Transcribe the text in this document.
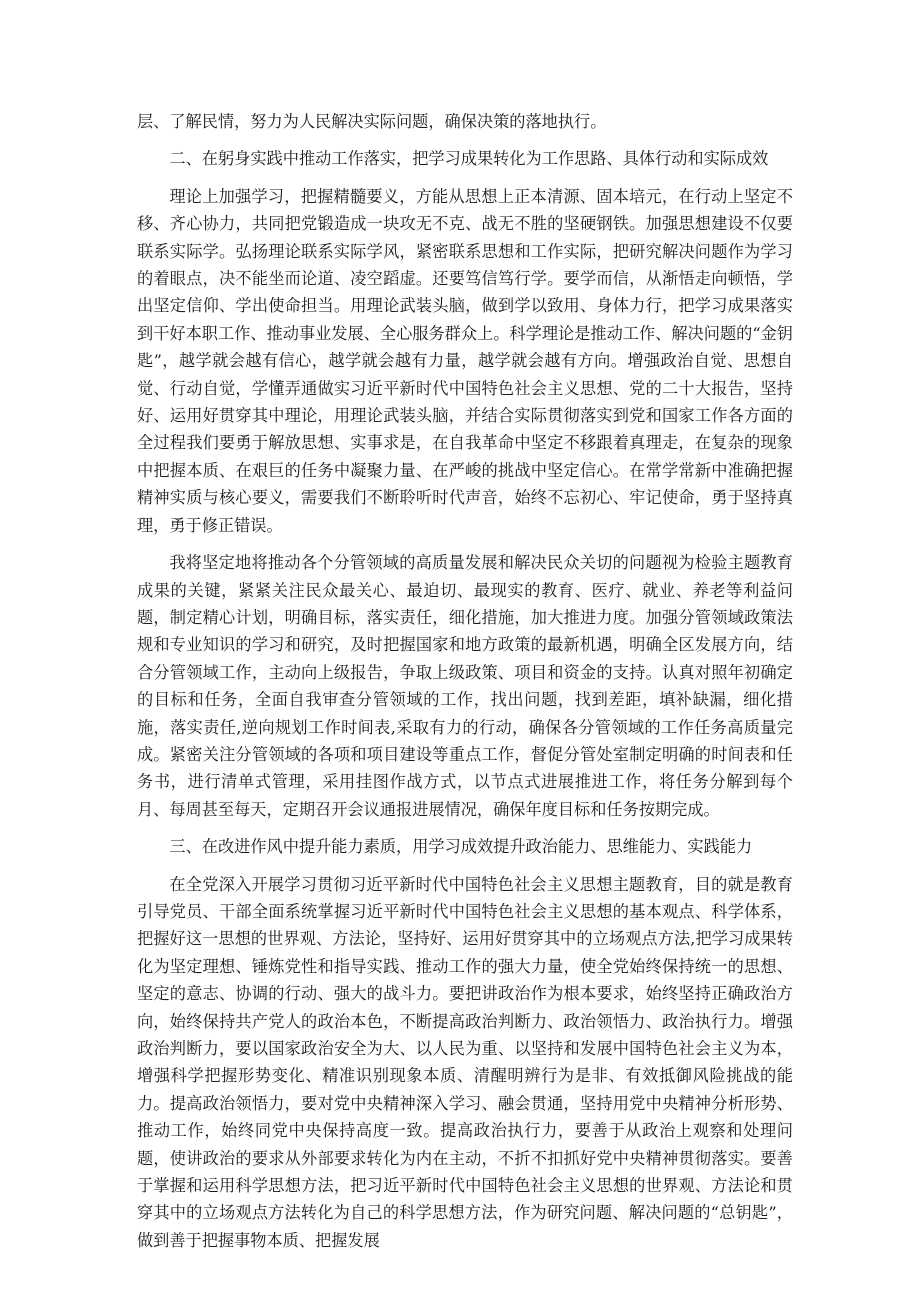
层、了解民情，努力为人民解决实际问题，确保决策的落地执行。

二、在躬身实践中推动工作落实，把学习成果转化为工作思路、具体行动和实际成效

理论上加强学习，把握精髓要义，方能从思想上正本清源、固本培元，在行动上坚定不移、齐心协力，共同把党锻造成一块攻无不克、战无不胜的坚硬钢铁。加强思想建设不仅要联系实际学。弘扬理论联系实际学风，紧密联系思想和工作实际，把研究解决问题作为学习的着眼点，决不能坐而论道、凌空蹈虚。还要笃信笃行学。要学而信，从渐悟走向顿悟，学出坚定信仰、学出使命担当。用理论武装头脑，做到学以致用、身体力行，把学习成果落实到干好本职工作、推动事业发展、全心服务群众上。科学理论是推动工作、解决问题的“金钥匙”，越学就会越有信心，越学就会越有力量，越学就会越有方向。增强政治自觉、思想自觉、行动自觉，学懂弄通做实习近平新时代中国特色社会主义思想、党的二十大报告，坚持好、运用好贯穿其中理论，用理论武装头脑，并结合实际贯彻落实到党和国家工作各方面的全过程我们要勇于解放思想、实事求是，在自我革命中坚定不移跟着真理走，在复杂的现象中把握本质、在艰巨的任务中凝聚力量、在严峻的挑战中坚定信心。在常学常新中准确把握精神实质与核心要义，需要我们不断聆听时代声音，始终不忘初心、牢记使命，勇于坚持真理，勇于修正错误。

我将坚定地将推动各个分管领域的高质量发展和解决民众关切的问题视为检验主题教育成果的关键，紧紧关注民众最关心、最迫切、最现实的教育、医疗、就业、养老等利益问题，制定精心计划，明确目标，落实责任，细化措施，加大推进力度。加强分管领域政策法规和专业知识的学习和研究，及时把握国家和地方政策的最新机遇，明确全区发展方向，结合分管领域工作，主动向上级报告，争取上级政策、项目和资金的支持。认真对照年初确定的目标和任务，全面自我审查分管领域的工作，找出问题，找到差距，填补缺漏，细化措施，落实责任,逆向规划工作时间表,采取有力的行动，确保各分管领域的工作任务高质量完成。紧密关注分管领域的各项和项目建设等重点工作，督促分管处室制定明确的时间表和任务书，进行清单式管理，采用挂图作战方式，以节点式进展推进工作，将任务分解到每个月、每周甚至每天，定期召开会议通报进展情况，确保年度目标和任务按期完成。

三、在改进作风中提升能力素质，用学习成效提升政治能力、思维能力、实践能力

在全党深入开展学习贯彻习近平新时代中国特色社会主义思想主题教育，目的就是教育引导党员、干部全面系统掌握习近平新时代中国特色社会主义思想的基本观点、科学体系，把握好这一思想的世界观、方法论，坚持好、运用好贯穿其中的立场观点方法,把学习成果转化为坚定理想、锤炼党性和指导实践、推动工作的强大力量，使全党始终保持统一的思想、坚定的意志、协调的行动、强大的战斗力。要把讲政治作为根本要求，始终坚持正确政治方向，始终保持共产党人的政治本色，不断提高政治判断力、政治领悟力、政治执行力。增强政治判断力，要以国家政治安全为大、以人民为重、以坚持和发展中国特色社会主义为本，增强科学把握形势变化、精准识别现象本质、清醒明辨行为是非、有效抵御风险挑战的能力。提高政治领悟力，要对党中央精神深入学习、融会贯通，坚持用党中央精神分析形势、推动工作，始终同党中央保持高度一致。提高政治执行力，要善于从政治上观察和处理问题，使讲政治的要求从外部要求转化为内在主动，不折不扣抓好党中央精神贯彻落实。要善于掌握和运用科学思想方法，把习近平新时代中国特色社会主义思想的世界观、方法论和贯穿其中的立场观点方法转化为自己的科学思想方法，作为研究问题、解决问题的“总钥匙”，做到善于把握事物本质、把握发展
